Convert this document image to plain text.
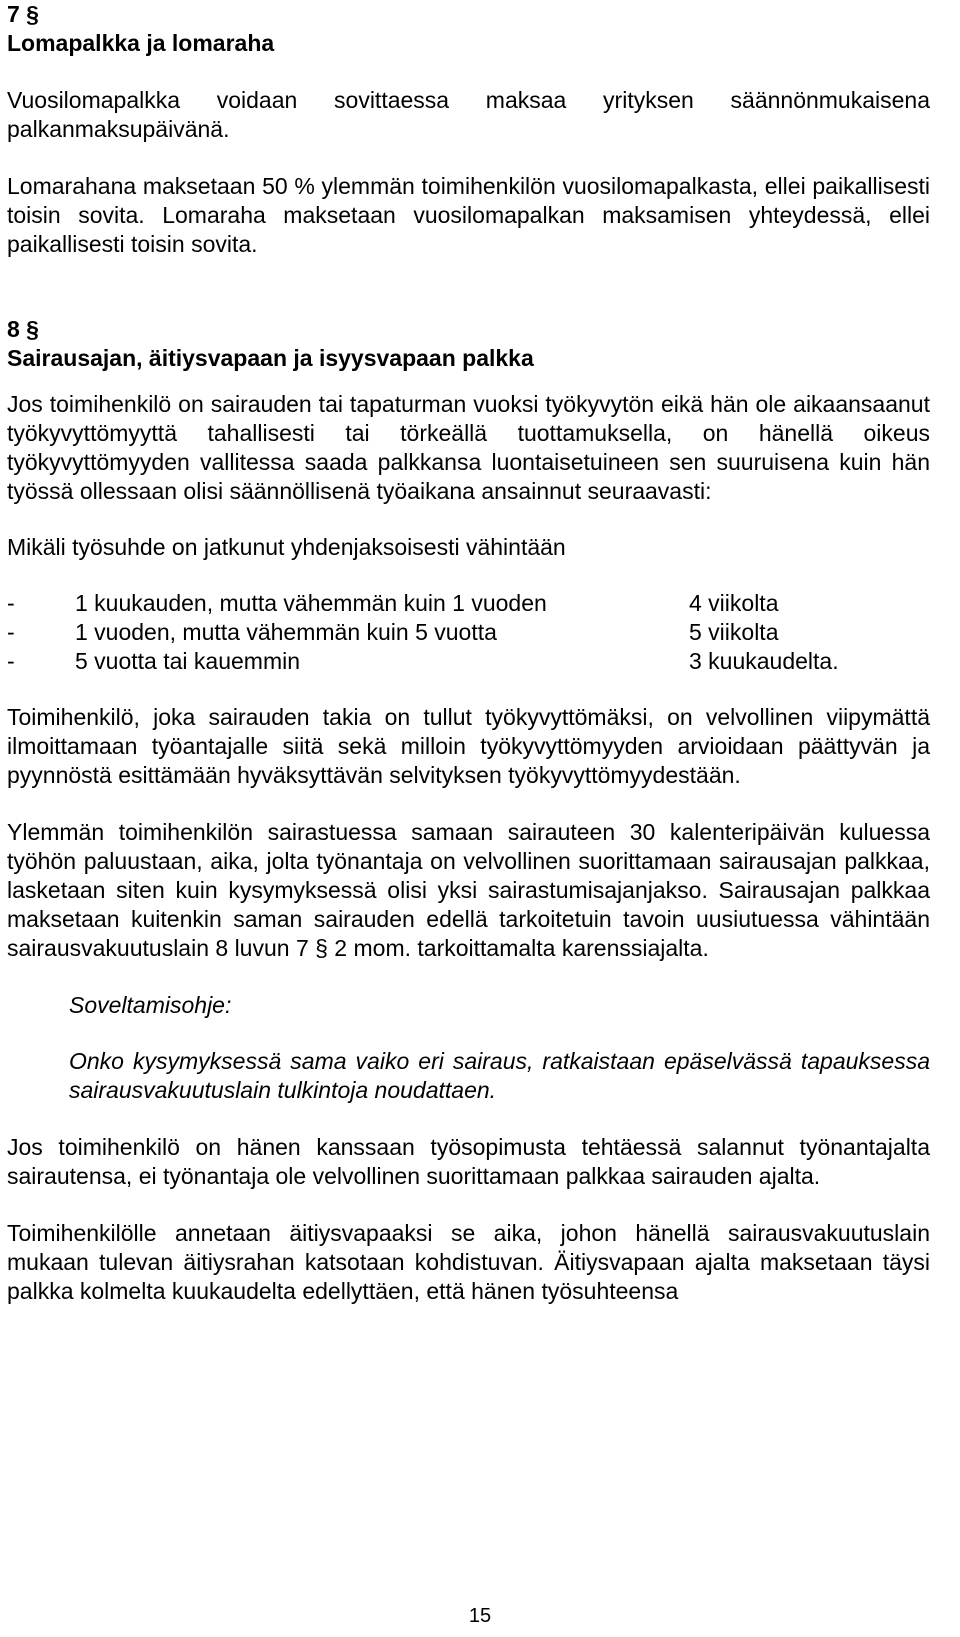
7 §
Lomapalkka ja lomaraha

Vuosilomapalkka voidaan sovittaessa maksaa yrityksen säännönmukaisena palkanmaksupäivänä.

Lomarahana maksetaan 50 % ylemmän toimihenkilön vuosilomapalkasta, ellei paikallisesti toisin sovita. Lomaraha maksetaan vuosilomapalkan maksamisen yhteydessä, ellei paikallisesti toisin sovita.

8 §
Sairausajan, äitiysvapaan ja isyysvapaan palkka

Jos toimihenkilö on sairauden tai tapaturman vuoksi työkyvytön eikä hän ole aikaansaanut työkyvyttömyyttä tahallisesti tai törkeällä tuottamuksella, on hänellä oikeus työkyvyttömyyden vallitessa saada palkkansa luontaisetuineen sen suuruisena kuin hän työssä ollessaan olisi säännöllisenä työaikana ansainnut seuraavasti:

Mikäli työsuhde on jatkunut yhdenjaksoisesti vähintään

-	1 kuukauden, mutta vähemmän kuin 1 vuoden	4 viikolta
-	1 vuoden, mutta vähemmän kuin 5 vuotta	5 viikolta
-	5 vuotta tai kauemmin	3 kuukaudelta.

Toimihenkilö, joka sairauden takia on tullut työkyvyttömäksi, on velvollinen viipymättä ilmoittamaan työantajalle siitä sekä milloin työkyvyttömyyden arvioidaan päättyvän ja pyynnöstä esittämään hyväksyttävän selvityksen työkyvyttömyydestään.

Ylemmän toimihenkilön sairastuessa samaan sairauteen 30 kalenteripäivän kuluessa työhön paluustaan, aika, jolta työnantaja on velvollinen suorittamaan sairausajan palkkaa, lasketaan siten kuin kysymyksessä olisi yksi sairastumisajanjakso. Sairausajan palkkaa maksetaan kuitenkin saman sairauden edellä tarkoitetuin tavoin uusiutuessa vähintään sairausvakuutuslain 8 luvun 7 § 2 mom. tarkoittamalta karenssiajalta.

Soveltamisohje:

Onko kysymyksessä sama vaiko eri sairaus, ratkaistaan epäselvässä tapauksessa sairausvakuutuslain tulkintoja noudattaen.

Jos toimihenkilö on hänen kanssaan työsopimusta tehtäessä salannut työnantajalta sairautensa, ei työnantaja ole velvollinen suorittamaan palkkaa sairauden ajalta.

Toimihenkilölle annetaan äitiysvapaaksi se aika, johon hänellä sairausvakuutuslain mukaan tulevan äitiysrahan katsotaan kohdistuvan. Äitiysvapaan ajalta maksetaan täysi palkka kolmelta kuukaudelta edellyttäen, että hänen työsuhteensa

15
